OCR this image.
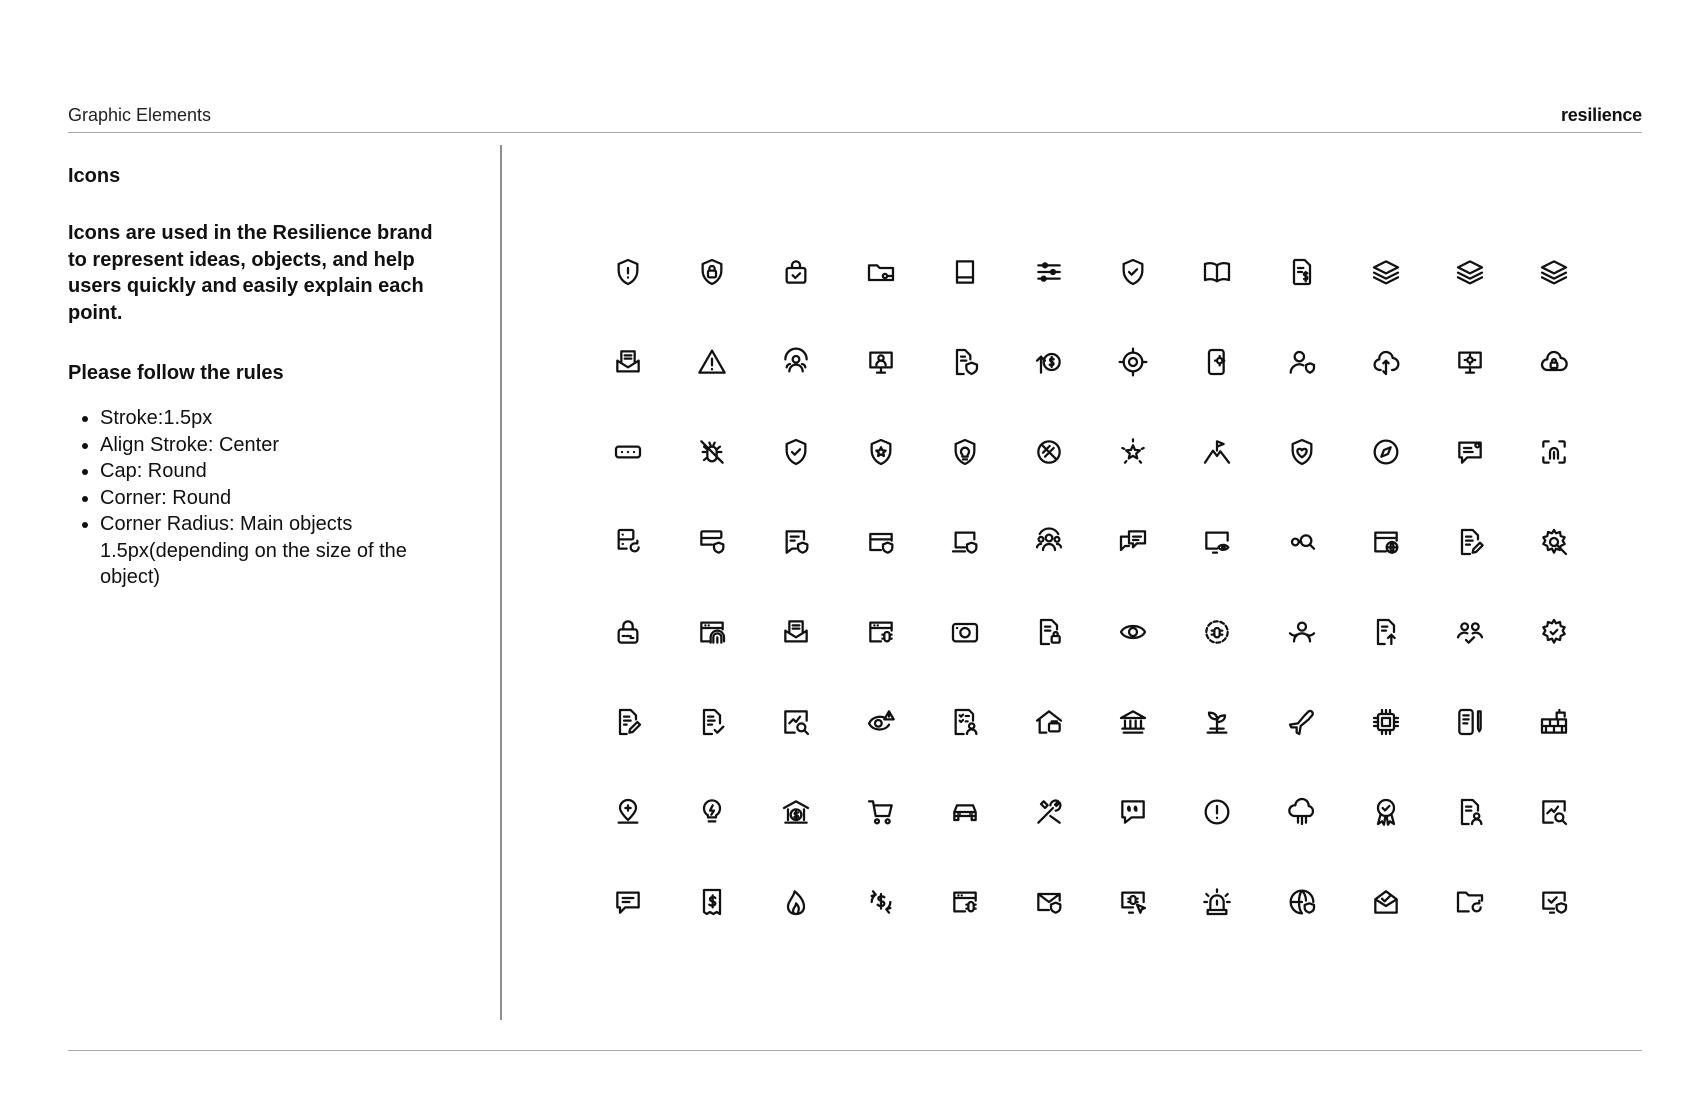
Graphic Elements	resilience
Icons

Icons are used in the Resilience brand to represent ideas, objects, and help users quickly and easily explain each point.

Please follow the rules
• Stroke:1.5px
• Align Stroke: Center
• Cap: Round
• Corner: Round
• Corner Radius: Main objects 1.5px(depending on the size of the object)
